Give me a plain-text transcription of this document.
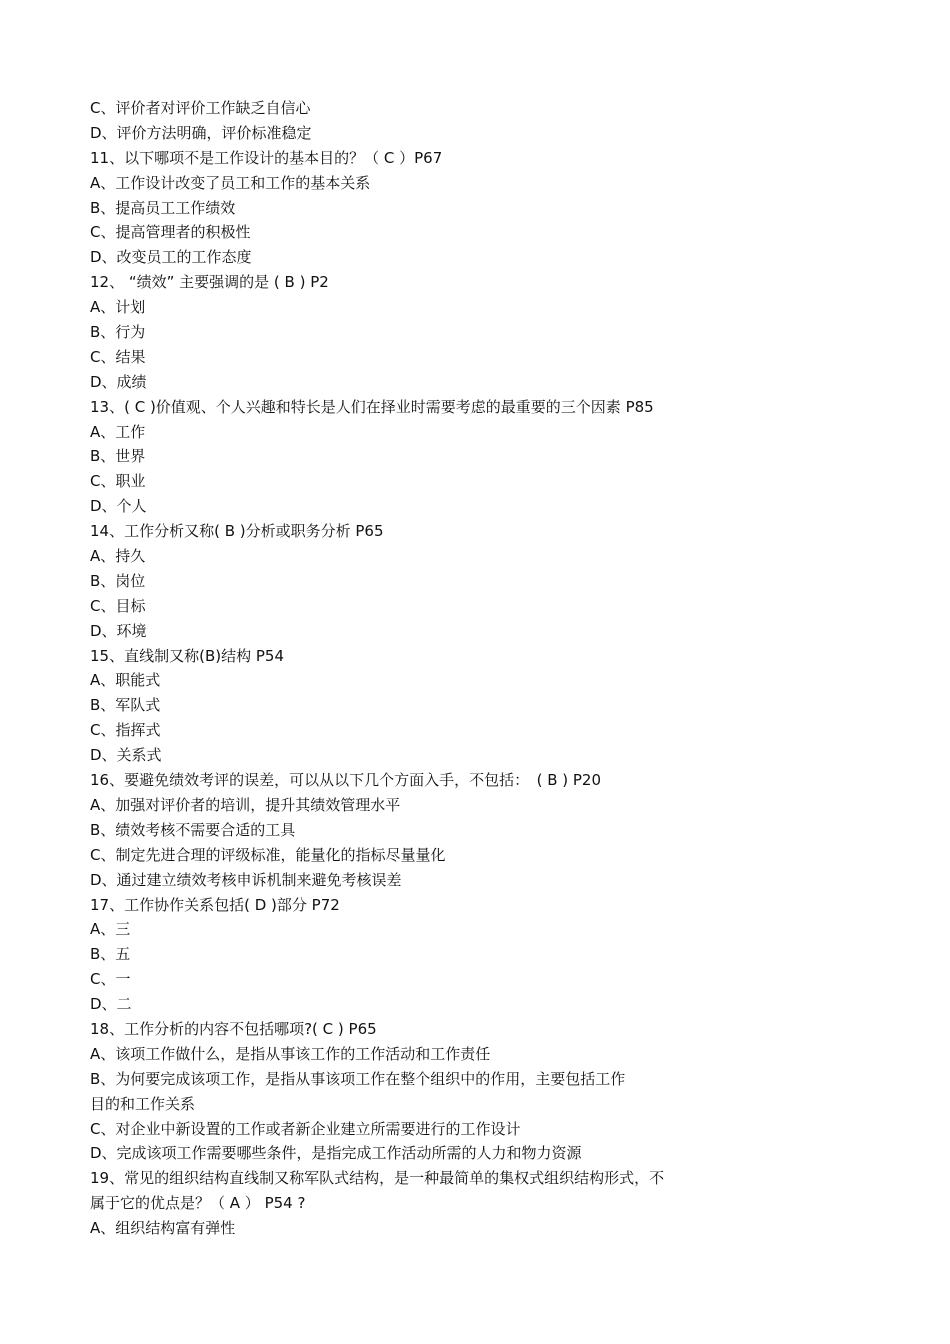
C、评价者对评价工作缺乏自信心
D、评价方法明确，评价标准稳定
11、以下哪项不是工作设计的基本目的？（ C ）P67
A、工作设计改变了员工和工作的基本关系
B、提高员工工作绩效
C、提高管理者的积极性
D、改变员工的工作态度
12、 “绩效” 主要强调的是 ( B ) P2
A、计划
B、行为
C、结果
D、成绩
13、( C )价值观、个人兴趣和特长是人们在择业时需要考虑的最重要的三个因素 P85
A、工作
B、世界
C、职业
D、个人
14、工作分析又称( B )分析或职务分析 P65
A、持久
B、岗位
C、目标
D、环境
15、直线制又称(B)结构 P54
A、职能式
B、军队式
C、指挥式
D、关系式
16、要避免绩效考评的误差，可以从以下几个方面入手，不包括：　( B ) P20
A、加强对评价者的培训，提升其绩效管理水平
B、绩效考核不需要合适的工具
C、制定先进合理的评级标准，能量化的指标尽量量化
D、通过建立绩效考核申诉机制来避免考核误差
17、工作协作关系包括( D )部分 P72
A、三
B、五
C、一
D、二
18、工作分析的内容不包括哪项?( C ) P65
A、该项工作做什么，是指从事该工作的工作活动和工作责任
B、为何要完成该项工作，是指从事该项工作在整个组织中的作用，主要包括工作
目的和工作关系
C、对企业中新设置的工作或者新企业建立所需要进行的工作设计
D、完成该项工作需要哪些条件，是指完成工作活动所需的人力和物力资源
19、常见的组织结构直线制又称军队式结构，是一种最简单的集权式组织结构形式，不
属于它的优点是？（ A ） P54 ?
A、组织结构富有弹性
